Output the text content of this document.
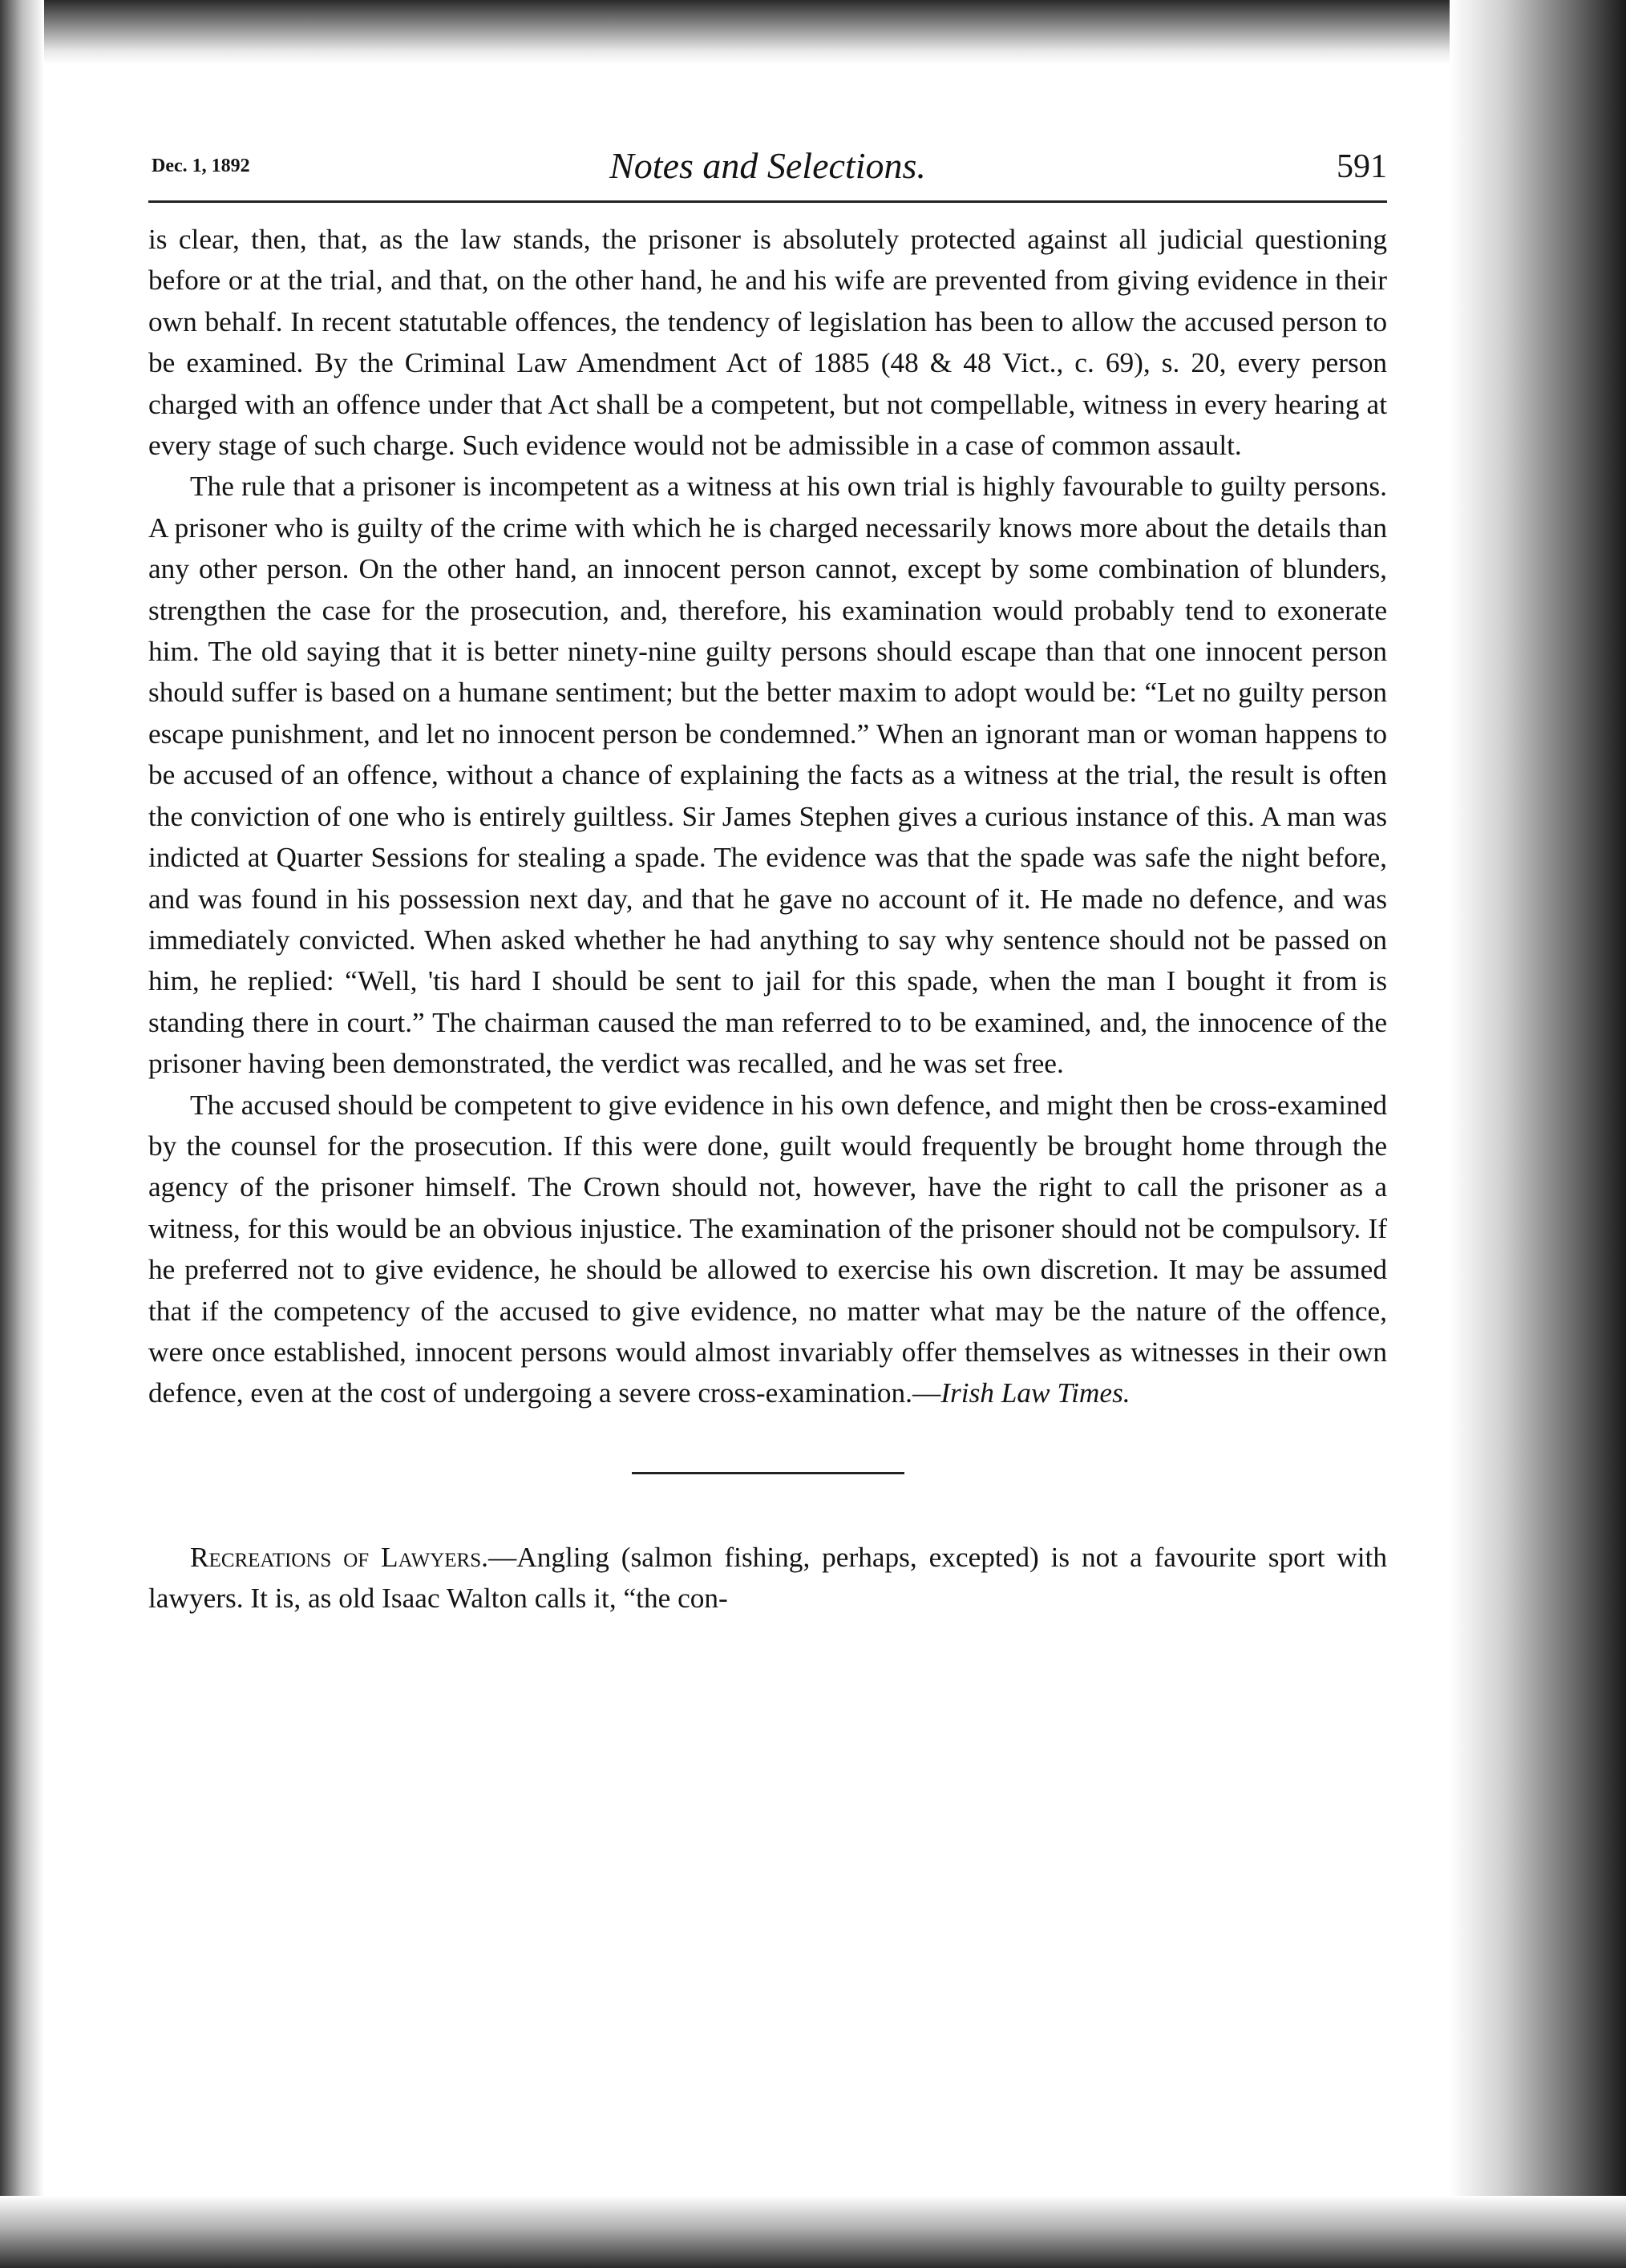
Dec. 1, 1892	Notes and Selections.	591

is clear, then, that, as the law stands, the prisoner is absolutely protected against all judicial questioning before or at the trial, and that, on the other hand, he and his wife are prevented from giving evidence in their own behalf. In recent statutable offences, the tendency of legislation has been to allow the accused person to be examined. By the Criminal Law Amendment Act of 1885 (48 & 48 Vict., c. 69), s. 20, every person charged with an offence under that Act shall be a competent, but not compellable, witness in every hearing at every stage of such charge. Such evidence would not be admissible in a case of common assault.

The rule that a prisoner is incompetent as a witness at his own trial is highly favourable to guilty persons. A prisoner who is guilty of the crime with which he is charged necessarily knows more about the details than any other person. On the other hand, an innocent person cannot, except by some combination of blunders, strengthen the case for the prosecution, and, therefore, his examination would probably tend to exonerate him. The old saying that it is better ninety-nine guilty persons should escape than that one innocent person should suffer is based on a humane sentiment; but the better maxim to adopt would be: “Let no guilty person escape punishment, and let no innocent person be condemned.” When an ignorant man or woman happens to be accused of an offence, without a chance of explaining the facts as a witness at the trial, the result is often the conviction of one who is entirely guiltless. Sir James Stephen gives a curious instance of this. A man was indicted at Quarter Sessions for stealing a spade. The evidence was that the spade was safe the night before, and was found in his possession next day, and that he gave no account of it. He made no defence, and was immediately convicted. When asked whether he had anything to say why sentence should not be passed on him, he replied: “Well, 'tis hard I should be sent to jail for this spade, when the man I bought it from is standing there in court.” The chairman caused the man referred to to be examined, and, the innocence of the prisoner having been demonstrated, the verdict was recalled, and he was set free.

The accused should be competent to give evidence in his own defence, and might then be cross-examined by the counsel for the prosecution. If this were done, guilt would frequently be brought home through the agency of the prisoner himself. The Crown should not, however, have the right to call the prisoner as a witness, for this would be an obvious injustice. The examination of the prisoner should not be compulsory. If he preferred not to give evidence, he should be allowed to exercise his own discretion. It may be assumed that if the competency of the accused to give evidence, no matter what may be the nature of the offence, were once established, innocent persons would almost invariably offer themselves as witnesses in their own defence, even at the cost of undergoing a severe cross-examination.—Irish Law Times.

Recreations of Lawyers.—Angling (salmon fishing, perhaps, excepted) is not a favourite sport with lawyers. It is, as old Isaac Walton calls it, “the con-
